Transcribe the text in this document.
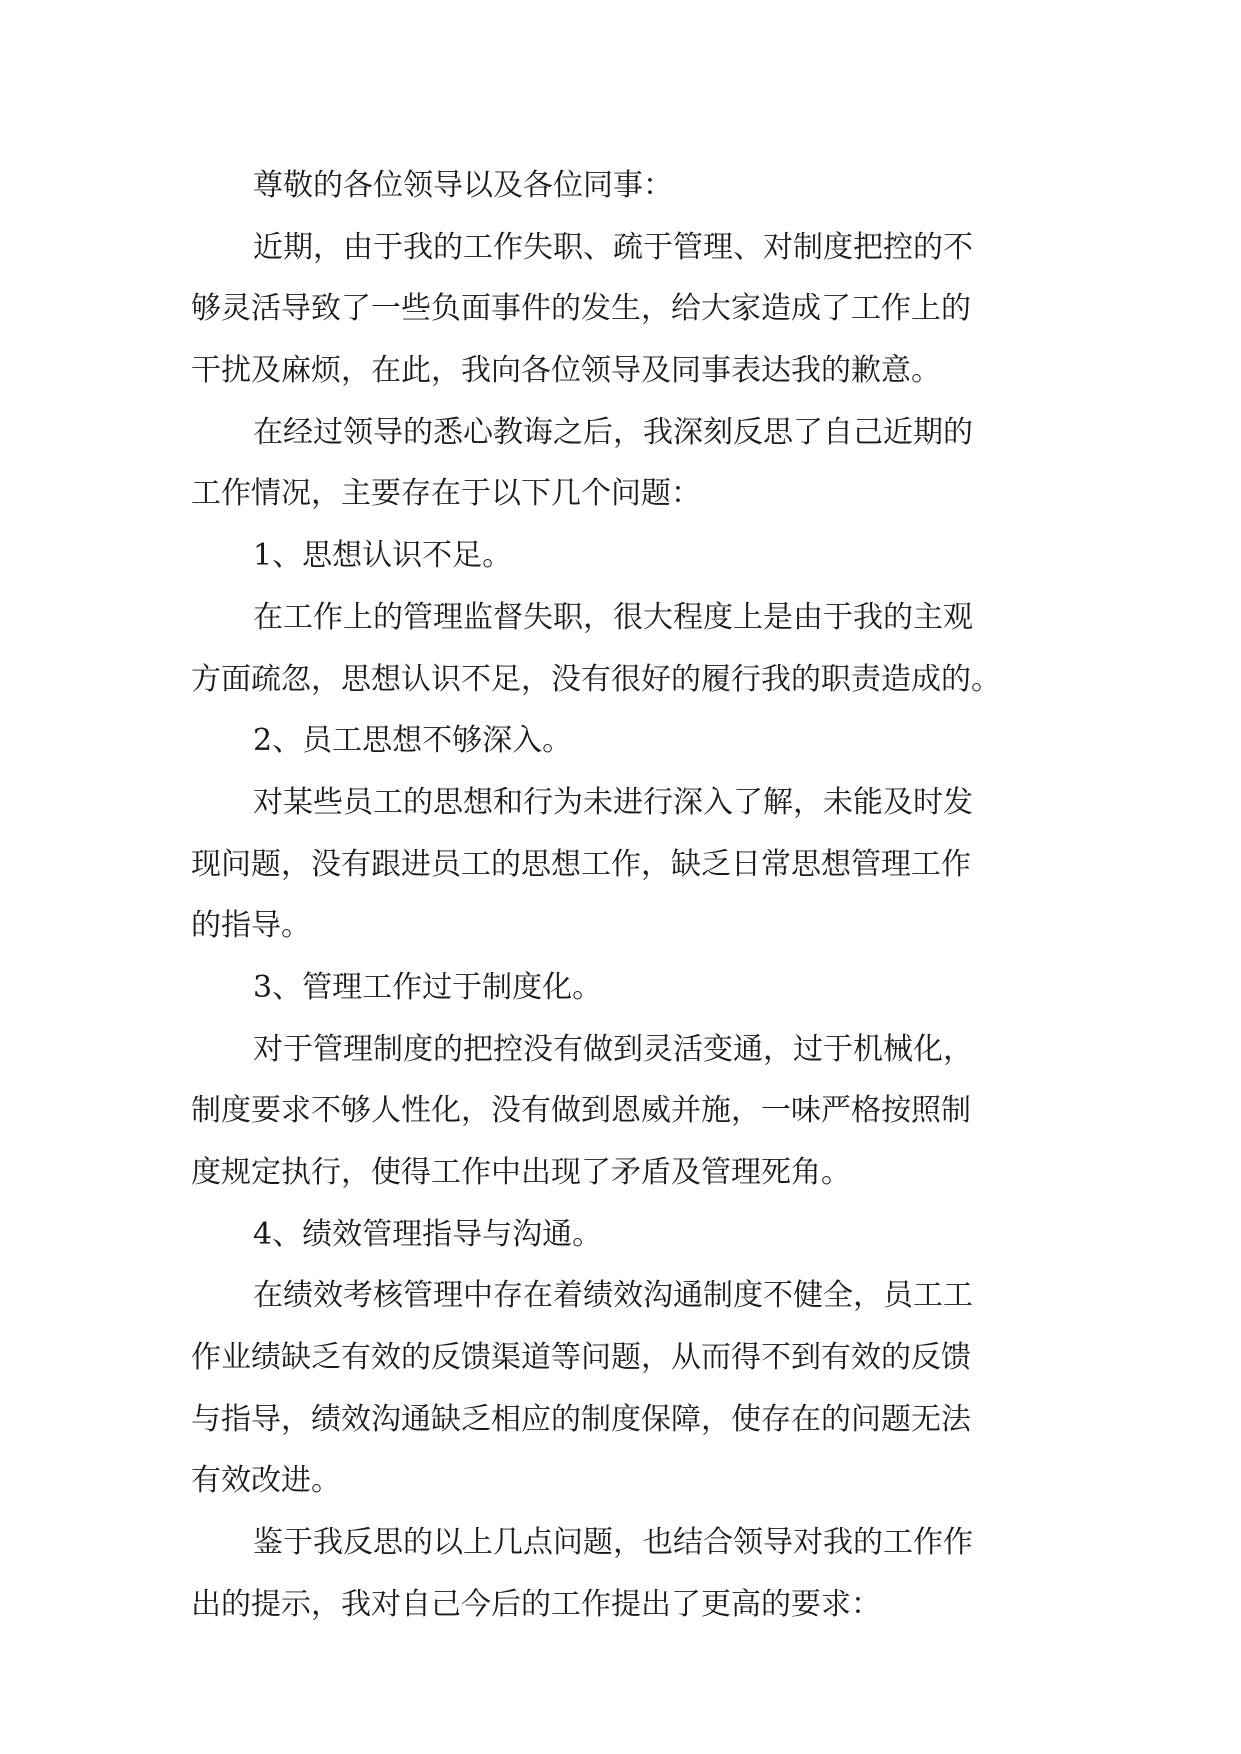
尊敬的各位领导以及各位同事：
近期，由于我的工作失职、疏于管理、对制度把控的不
够灵活导致了一些负面事件的发生，给大家造成了工作上的
干扰及麻烦，在此，我向各位领导及同事表达我的歉意。
在经过领导的悉心教诲之后，我深刻反思了自己近期的
工作情况，主要存在于以下几个问题：
1、思想认识不足。
在工作上的管理监督失职，很大程度上是由于我的主观
方面疏忽，思想认识不足，没有很好的履行我的职责造成的。
2、员工思想不够深入。
对某些员工的思想和行为未进行深入了解，未能及时发
现问题，没有跟进员工的思想工作，缺乏日常思想管理工作
的指导。
3、管理工作过于制度化。
对于管理制度的把控没有做到灵活变通，过于机械化，
制度要求不够人性化，没有做到恩威并施，一味严格按照制
度规定执行，使得工作中出现了矛盾及管理死角。
4、绩效管理指导与沟通。
在绩效考核管理中存在着绩效沟通制度不健全，员工工
作业绩缺乏有效的反馈渠道等问题，从而得不到有效的反馈
与指导，绩效沟通缺乏相应的制度保障，使存在的问题无法
有效改进。
鉴于我反思的以上几点问题，也结合领导对我的工作作
出的提示，我对自己今后的工作提出了更高的要求：
